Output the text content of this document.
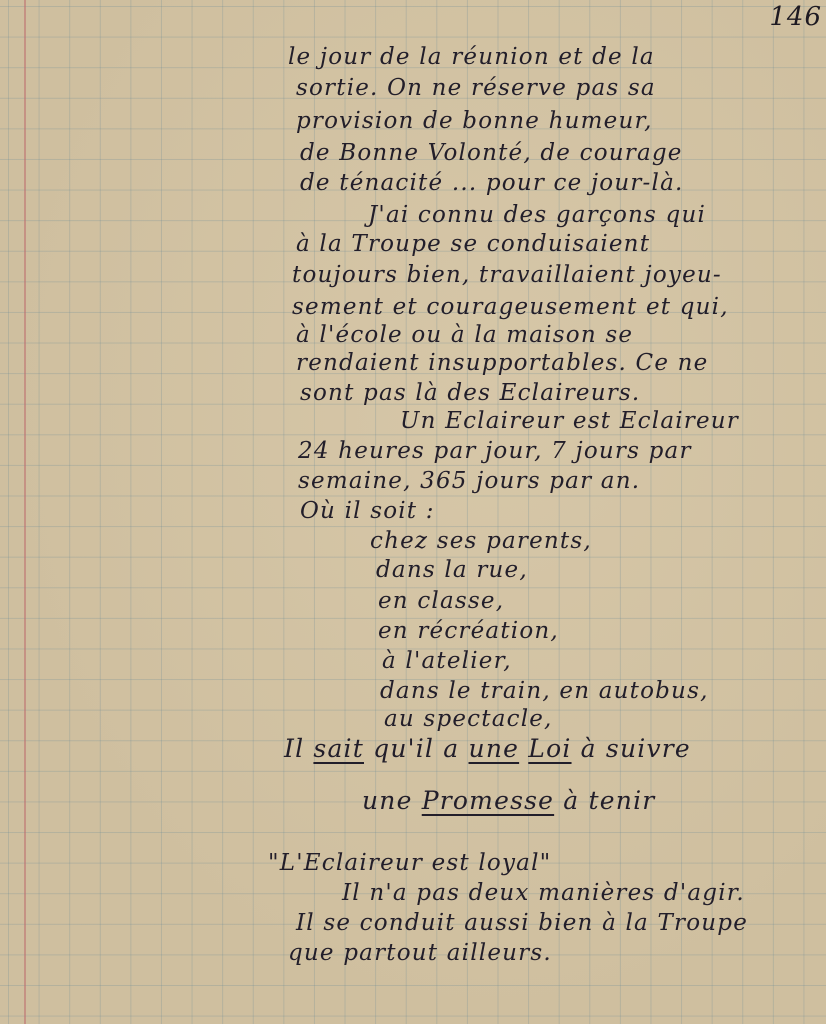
146
le jour de la réunion et de la
sortie. On ne réserve pas sa
provision de bonne humeur,
de Bonne Volonté, de courage
de ténacité ... pour ce jour-là.
J'ai connu des garçons qui
à la Troupe se conduisaient
toujours bien, travaillaient joyeu-
sement et courageusement et qui,
à l'école ou à la maison se
rendaient insupportables. Ce ne
sont pas là des Eclaireurs.
Un Eclaireur est Eclaireur
24 heures par jour, 7 jours par
semaine, 365 jours par an.
Où il soit :
chez ses parents,
dans la rue,
en classe,
en récréation,
à l'atelier,
dans le train, en autobus,
au spectacle,
Il sait qu'il a une Loi à suivre
une Promesse à tenir
"L'Eclaireur est loyal"
Il n'a pas deux manières d'agir.
Il se conduit aussi bien à la Troupe
que partout ailleurs.
